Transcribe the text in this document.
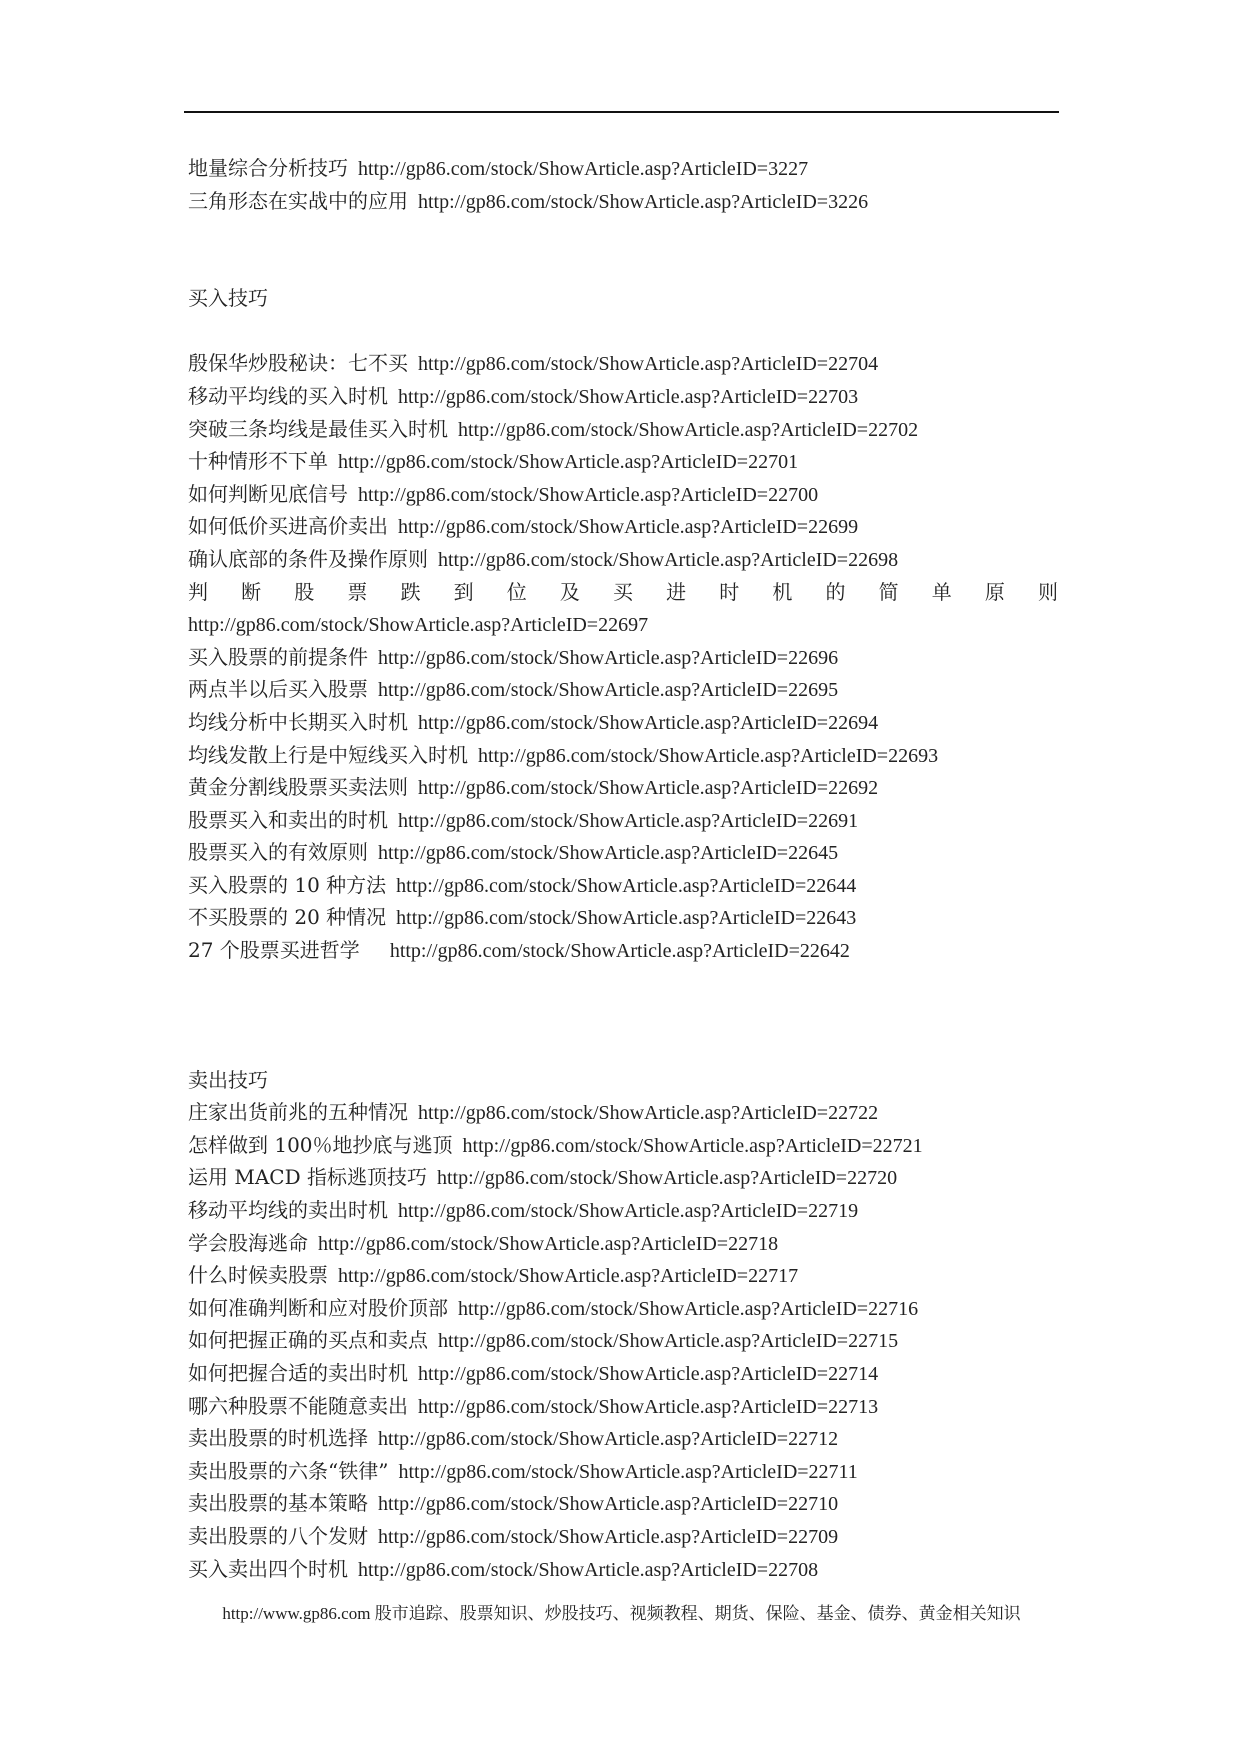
地量综合分析技巧 http://gp86.com/stock/ShowArticle.asp?ArticleID=3227
三角形态在实战中的应用 http://gp86.com/stock/ShowArticle.asp?ArticleID=3226
买入技巧
殷保华炒股秘诀：七不买 http://gp86.com/stock/ShowArticle.asp?ArticleID=22704
移动平均线的买入时机 http://gp86.com/stock/ShowArticle.asp?ArticleID=22703
突破三条均线是最佳买入时机 http://gp86.com/stock/ShowArticle.asp?ArticleID=22702
十种情形不下单 http://gp86.com/stock/ShowArticle.asp?ArticleID=22701
如何判断见底信号 http://gp86.com/stock/ShowArticle.asp?ArticleID=22700
如何低价买进高价卖出 http://gp86.com/stock/ShowArticle.asp?ArticleID=22699
确认底部的条件及操作原则 http://gp86.com/stock/ShowArticle.asp?ArticleID=22698
判 断 股 票 跌 到 位 及 买 进 时 机 的 简 单 原 则
http://gp86.com/stock/ShowArticle.asp?ArticleID=22697
买入股票的前提条件 http://gp86.com/stock/ShowArticle.asp?ArticleID=22696
两点半以后买入股票 http://gp86.com/stock/ShowArticle.asp?ArticleID=22695
均线分析中长期买入时机 http://gp86.com/stock/ShowArticle.asp?ArticleID=22694
均线发散上行是中短线买入时机 http://gp86.com/stock/ShowArticle.asp?ArticleID=22693
黄金分割线股票买卖法则 http://gp86.com/stock/ShowArticle.asp?ArticleID=22692
股票买入和卖出的时机 http://gp86.com/stock/ShowArticle.asp?ArticleID=22691
股票买入的有效原则 http://gp86.com/stock/ShowArticle.asp?ArticleID=22645
买入股票的 10 种方法 http://gp86.com/stock/ShowArticle.asp?ArticleID=22644
不买股票的 20 种情况 http://gp86.com/stock/ShowArticle.asp?ArticleID=22643
27 个股票买进哲学　http://gp86.com/stock/ShowArticle.asp?ArticleID=22642
卖出技巧
庄家出货前兆的五种情况 http://gp86.com/stock/ShowArticle.asp?ArticleID=22722
怎样做到 100％地抄底与逃顶 http://gp86.com/stock/ShowArticle.asp?ArticleID=22721
运用 MACD 指标逃顶技巧 http://gp86.com/stock/ShowArticle.asp?ArticleID=22720
移动平均线的卖出时机 http://gp86.com/stock/ShowArticle.asp?ArticleID=22719
学会股海逃命 http://gp86.com/stock/ShowArticle.asp?ArticleID=22718
什么时候卖股票 http://gp86.com/stock/ShowArticle.asp?ArticleID=22717
如何准确判断和应对股价顶部 http://gp86.com/stock/ShowArticle.asp?ArticleID=22716
如何把握正确的买点和卖点 http://gp86.com/stock/ShowArticle.asp?ArticleID=22715
如何把握合适的卖出时机 http://gp86.com/stock/ShowArticle.asp?ArticleID=22714
哪六种股票不能随意卖出 http://gp86.com/stock/ShowArticle.asp?ArticleID=22713
卖出股票的时机选择 http://gp86.com/stock/ShowArticle.asp?ArticleID=22712
卖出股票的六条“铁律” http://gp86.com/stock/ShowArticle.asp?ArticleID=22711
卖出股票的基本策略 http://gp86.com/stock/ShowArticle.asp?ArticleID=22710
卖出股票的八个发财 http://gp86.com/stock/ShowArticle.asp?ArticleID=22709
买入卖出四个时机 http://gp86.com/stock/ShowArticle.asp?ArticleID=22708
http://www.gp86.com 股市追踪、股票知识、炒股技巧、视频教程、期货、保险、基金、债券、黄金相关知识
